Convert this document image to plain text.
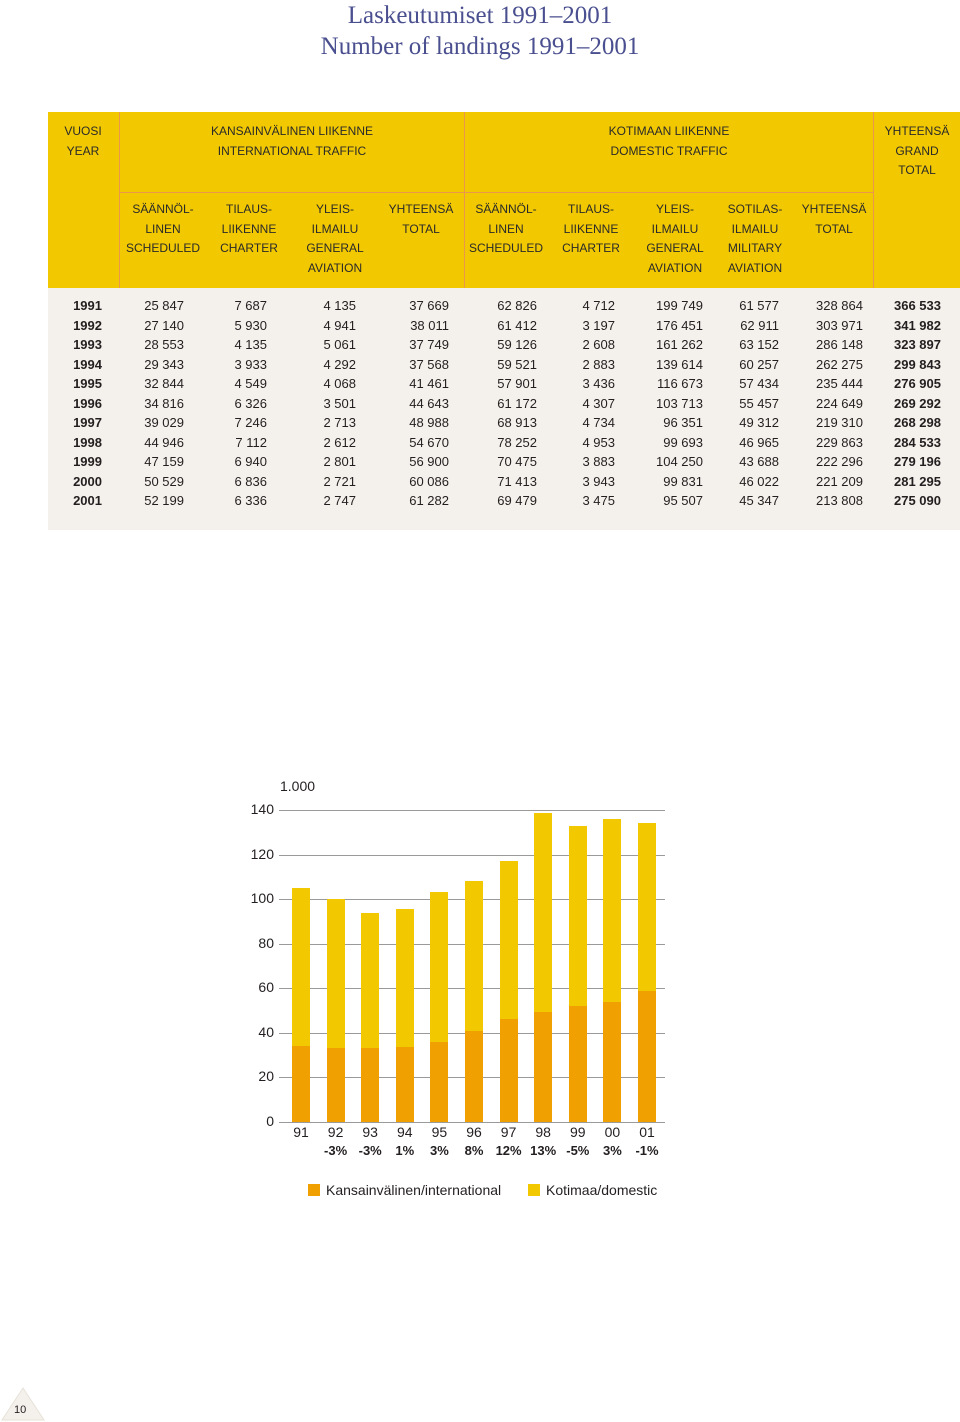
Laskeutumiset 1991–2001
Number of landings 1991–2001
VUOSI
YEAR
KANSAINVÄLINEN LIIKENNE
INTERNATIONAL TRAFFIC
KOTIMAAN LIIKENNE
DOMESTIC TRAFFIC
YHTEENSÄ
GRAND
TOTAL
SÄÄNNÖL-
LINEN
SCHEDULED
TILAUS-
LIIKENNE
CHARTER
YLEIS-
ILMAILU
GENERAL
AVIATION
YHTEENSÄ
TOTAL
SÄÄNNÖL-
LINEN
SCHEDULED
TILAUS-
LIIKENNE
CHARTER
YLEIS-
ILMAILU
GENERAL
AVIATION
SOTILAS-
ILMAILU
MILITARY
AVIATION
YHTEENSÄ
TOTAL
1991
1992
1993
1994
1995
1996
1997
1998
1999
2000
2001
25 847
27 140
28 553
29 343
32 844
34 816
39 029
44 946
47 159
50 529
52 199
7 687
5 930
4 135
3 933
4 549
6 326
7 246
7 112
6 940
6 836
6 336
4 135
4 941
5 061
4 292
4 068
3 501
2 713
2 612
2 801
2 721
2 747
37 669
38 011
37 749
37 568
41 461
44 643
48 988
54 670
56 900
60 086
61 282
62 826
61 412
59 126
59 521
57 901
61 172
68 913
78 252
70 475
71 413
69 479
4 712
3 197
2 608
2 883
3 436
4 307
4 734
4 953
3 883
3 943
3 475
199 749
176 451
161 262
139 614
116 673
103 713
96 351
99 693
104 250
99 831
95 507
61 577
62 911
63 152
60 257
57 434
55 457
49 312
46 965
43 688
46 022
45 347
328 864
303 971
286 148
262 275
235 444
224 649
219 310
229 863
222 296
221 209
213 808
366 533
341 982
323 897
299 843
276 905
269 292
268 298
284 533
279 196
281 295
275 090
1.000
0
20
40
60
80
100
120
140
91	92
-3%
93
-3%
94
1%
95
3%
96
8%
97
12%
98
13%
99
-5%
00
3%
01
-1%
Kansainvälinen/international	Kotimaa/domestic
10
